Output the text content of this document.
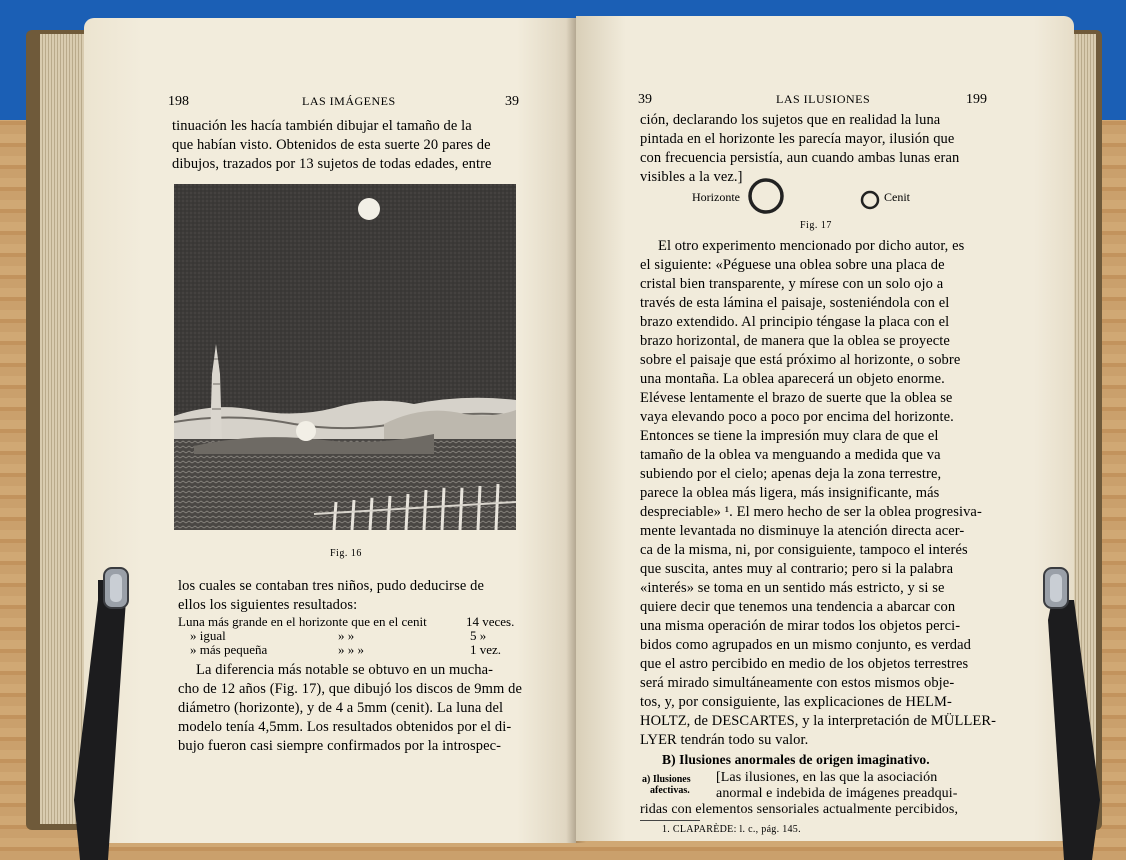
198	LAS IMÁGENES	39
tinuación les hacía también dibujar el tamaño de la
que habían visto. Obtenidos de esta suerte 20 pares de
dibujos, trazados por 13 sujetos de todas edades, entre
Fig. 16
los cuales se contaban tres niños, pudo deducirse de
ellos los siguientes resultados:
Luna más grande en el horizonte que en el cenit	14 veces.
» igual	» »	5 »
» más pequeña	» » »	1 vez.
La diferencia más notable se obtuvo en un mucha-
cho de 12 años (Fig. 17), que dibujó los discos de 9mm de
diámetro (horizonte), y de 4 a 5mm (cenit). La luna del
modelo tenía 4,5mm. Los resultados obtenidos por el di-
bujo fueron casi siempre confirmados por la introspec-
39	LAS ILUSIONES	199
ción, declarando los sujetos que en realidad la luna
pintada en el horizonte les parecía mayor, ilusión que
con frecuencia persistía, aun cuando ambas lunas eran
visibles a la vez.]
Horizonte	Cenit
Fig. 17
El otro experimento mencionado por dicho autor, es
el siguiente: «Péguese una oblea sobre una placa de
cristal bien transparente, y mírese con un solo ojo a
través de esta lámina el paisaje, sosteniéndola con el
brazo extendido. Al principio téngase la placa con el
brazo horizontal, de manera que la oblea se proyecte
sobre el paisaje que está próximo al horizonte, o sobre
una montaña. La oblea aparecerá un objeto enorme.
Elévese lentamente el brazo de suerte que la oblea se
vaya elevando poco a poco por encima del horizonte.
Entonces se tiene la impresión muy clara de que el
tamaño de la oblea va menguando a medida que va
subiendo por el cielo; apenas deja la zona terrestre,
parece la oblea más ligera, más insignificante, más
despreciable» ¹. El mero hecho de ser la oblea progresiva-
mente levantada no disminuye la atención directa acer-
ca de la misma, ni, por consiguiente, tampoco el interés
que suscita, antes muy al contrario; pero si la palabra
«interés» se toma en un sentido más estricto, y si se
quiere decir que tenemos una tendencia a abarcar con
una misma operación de mirar todos los objetos perci-
bidos como agrupados en un mismo conjunto, es verdad
que el astro percibido en medio de los objetos terrestres
será mirado simultáneamente con estos mismos obje-
tos, y, por consiguiente, las explicaciones de HELM-
HOLTZ, de DESCARTES, y la interpretación de MÜLLER-
LYER tendrán todo su valor.
B) Ilusiones anormales de origen imaginativo.
a) Ilusiones
afectivas.
[Las ilusiones, en las que la asociación
anormal e indebida de imágenes preadqui-
ridas con elementos sensoriales actualmente percibidos,
1. CLAPARÈDE: l. c., pág. 145.
